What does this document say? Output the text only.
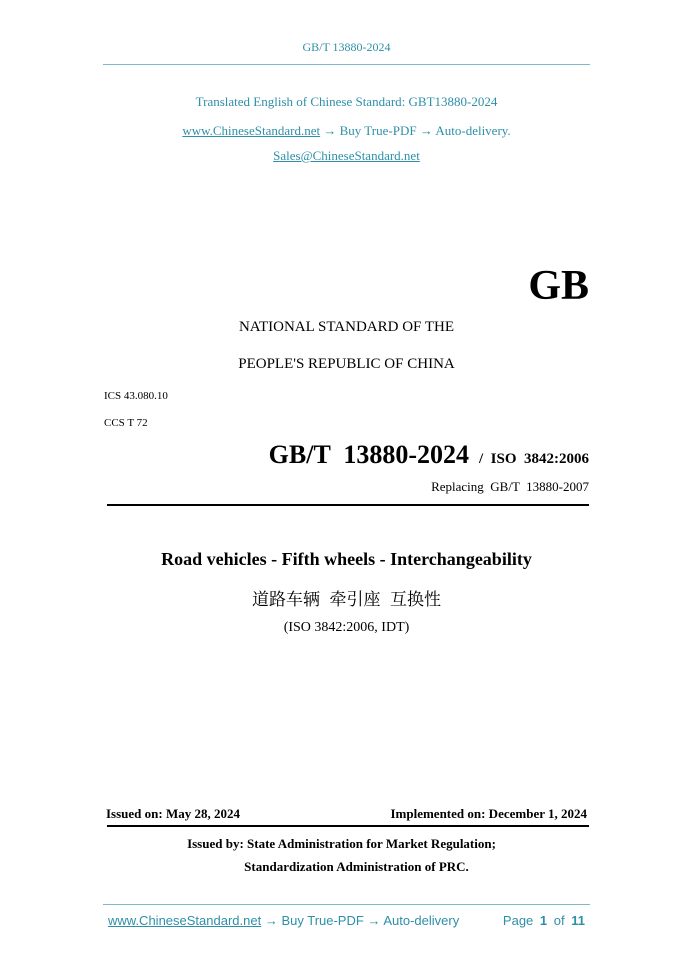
GB/T 13880-2024
Translated English of Chinese Standard: GBT13880-2024
www.ChineseStandard.net → Buy True-PDF → Auto-delivery.
Sales@ChineseStandard.net
GB
NATIONAL STANDARD OF THE
PEOPLE'S REPUBLIC OF CHINA
ICS 43.080.10
CCS T 72
GB/T  13880-2024 /  ISO  3842:2006
Replacing  GB/T  13880-2007
Road vehicles - Fifth wheels - Interchangeability
道路车辆  牵引座  互换性
(ISO 3842:2006, IDT)
Issued on: May 28, 2024	Implemented on: December 1, 2024
Issued by: State Administration for Market Regulation;
Standardization Administration of PRC.
www.ChineseStandard.net → Buy True-PDF → Auto-delivery	Page 1 of 11
